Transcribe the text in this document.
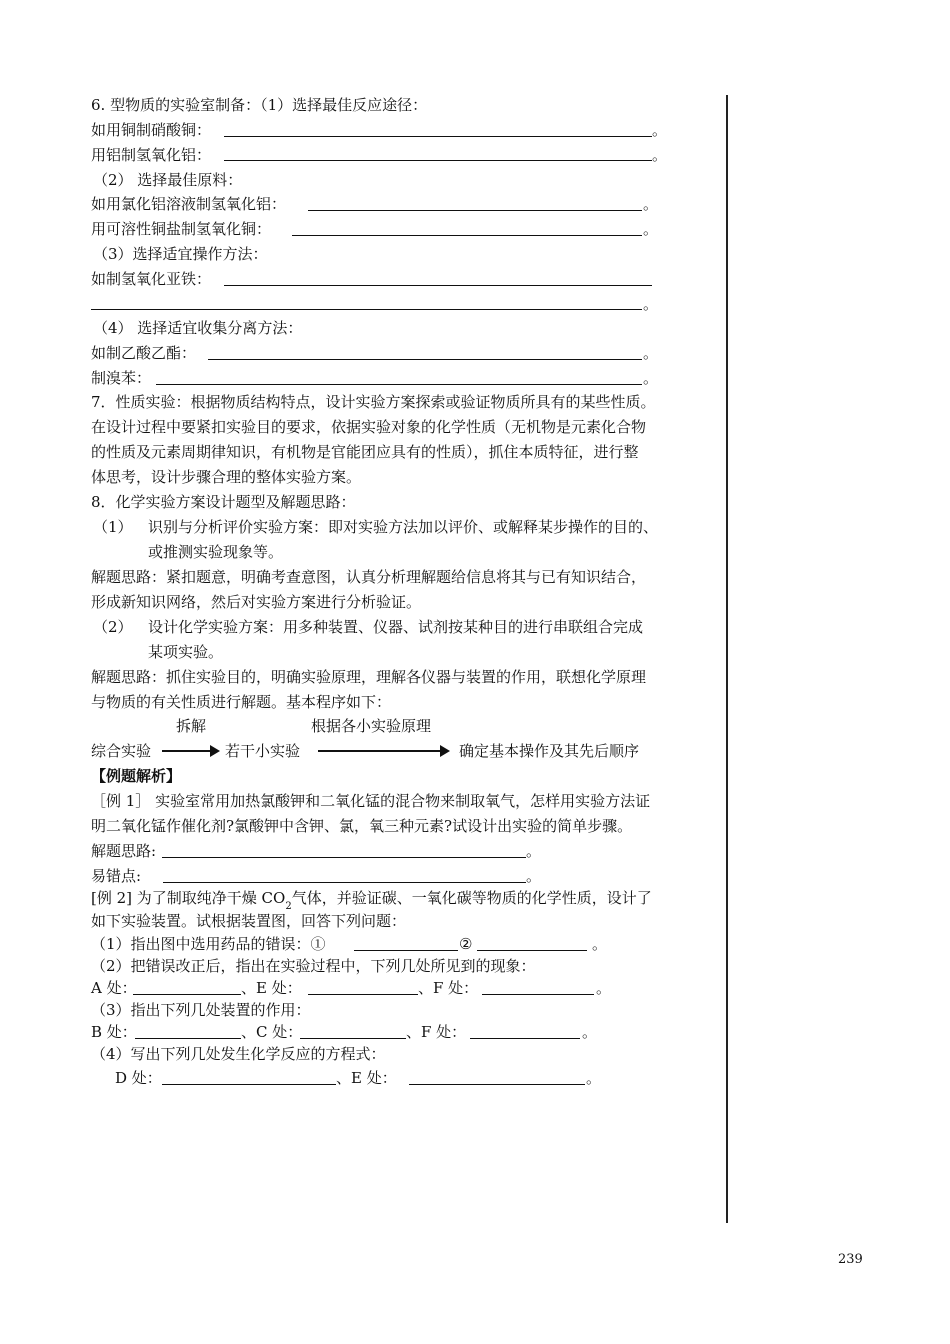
6. 型物质的实验室制备：（1）选择最佳反应途径：
如用铜制硝酸铜：	。
用铝制氢氧化铝：	。
（2） 选择最佳原料：
如用氯化铝溶液制氢氧化铝：	。
用可溶性铜盐制氢氧化铜：	。
（3）选择适宜操作方法：
如制氢氧化亚铁：
。
（4） 选择适宜收集分离方法：
如制乙酸乙酯：	。
制溴苯：	。
7．性质实验：根据物质结构特点，设计实验方案探索或验证物质所具有的某些性质。
在设计过程中要紧扣实验目的要求，依据实验对象的化学性质（无机物是元素化合物
的性质及元素周期律知识，有机物是官能团应具有的性质），抓住本质特征，进行整
体思考，设计步骤合理的整体实验方案。
8．化学实验方案设计题型及解题思路：
（1） 识别与分析评价实验方案：即对实验方法加以评价、或解释某步操作的目的、
或推测实验现象等。
解题思路：紧扣题意，明确考查意图，认真分析理解题给信息将其与已有知识结合，
形成新知识网络，然后对实验方案进行分析验证。
（2） 设计化学实验方案：用多种装置、仪器、试剂按某种目的进行串联组合完成
某项实验。
解题思路：抓住实验目的，明确实验原理，理解各仪器与装置的作用，联想化学原理
与物质的有关性质进行解题。基本程序如下：
拆解	根据各小实验原理
综合实验	若干小实验	确定基本操作及其先后顺序
【例题解析】
［例 1］ 实验室常用加热氯酸钾和二氧化锰的混合物来制取氧气，怎样用实验方法证
明二氧化锰作催化剂?氯酸钾中含钾、氯，氧三种元素?试设计出实验的简单步骤。
解题思路:	。
易错点:	。
[例 2] 为了制取纯净干燥 $CO_2$气体，并验证碳、一氧化碳等物质的化学性质，设计了
如下实验装置。试根据装置图，回答下列问题：
（1）指出图中选用药品的错误：①	②	。
（2）把错误改正后，指出在实验过程中，下列几处所见到的现象：
A 处：	、E 处：	、F 处：	。
（3）指出下列几处装置的作用：
B 处：	、C 处：	、F 处：	。
（4）写出下列几处发生化学反应的方程式：
D 处：	、E 处：	。
239
